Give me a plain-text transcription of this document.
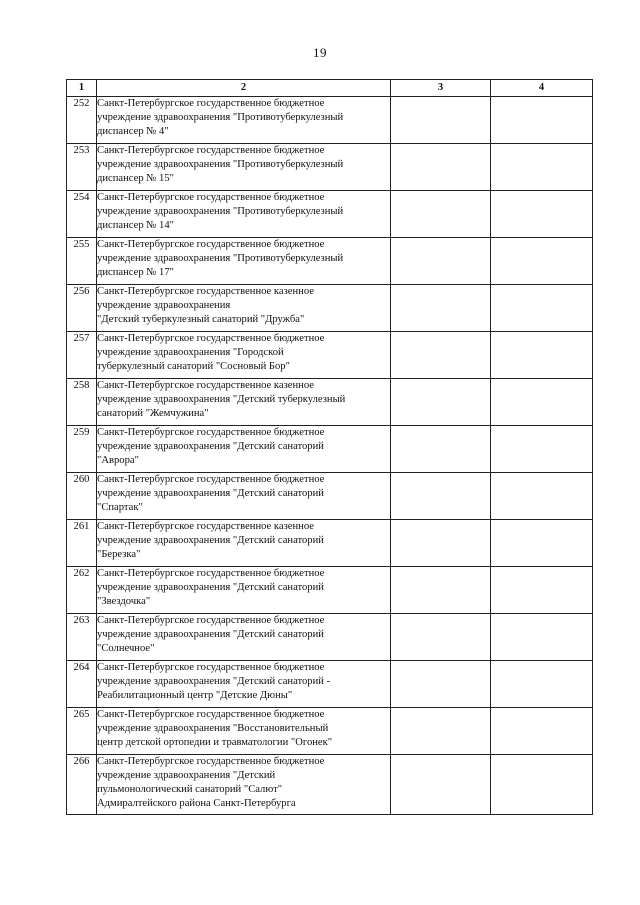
19
1	2	3	4
252	Санкт-Петербургское государственное бюджетное
учреждение здравоохранения "Противотуберкулезный
диспансер № 4"		
253	Санкт-Петербургское государственное бюджетное
учреждение здравоохранения "Противотуберкулезный
диспансер № 15"		
254	Санкт-Петербургское государственное бюджетное
учреждение здравоохранения "Противотуберкулезный
диспансер № 14"		
255	Санкт-Петербургское государственное бюджетное
учреждение здравоохранения "Противотуберкулезный
диспансер № 17"		
256	Санкт-Петербургское государственное казенное
учреждение здравоохранения
"Детский туберкулезный санаторий "Дружба"		
257	Санкт-Петербургское государственное бюджетное
учреждение здравоохранения "Городской
туберкулезный санаторий "Сосновый Бор"		
258	Санкт-Петербургское государственное казенное
учреждение здравоохранения "Детский туберкулезный
санаторий "Жемчужина"		
259	Санкт-Петербургское государственное бюджетное
учреждение здравоохранения "Детский санаторий
"Аврора"		
260	Санкт-Петербургское государственное бюджетное
учреждение здравоохранения "Детский санаторий
"Спартак"		
261	Санкт-Петербургское государственное казенное
учреждение здравоохранения "Детский санаторий
"Березка"		
262	Санкт-Петербургское государственное бюджетное
учреждение здравоохранения "Детский санаторий
"Звездочка"		
263	Санкт-Петербургское государственное бюджетное
учреждение здравоохранения "Детский санаторий
"Солнечное"		
264	Санкт-Петербургское государственное бюджетное
учреждение здравоохранения "Детский санаторий -
Реабилитационный центр "Детские Дюны"		
265	Санкт-Петербургское государственное бюджетное
учреждение здравоохранения "Восстановительный
центр детской ортопедии и травматологии "Огонек"		
266	Санкт-Петербургское государственное бюджетное
учреждение здравоохранения "Детский
пульмонологический санаторий "Салют"
Адмиралтейского района Санкт-Петербурга		
